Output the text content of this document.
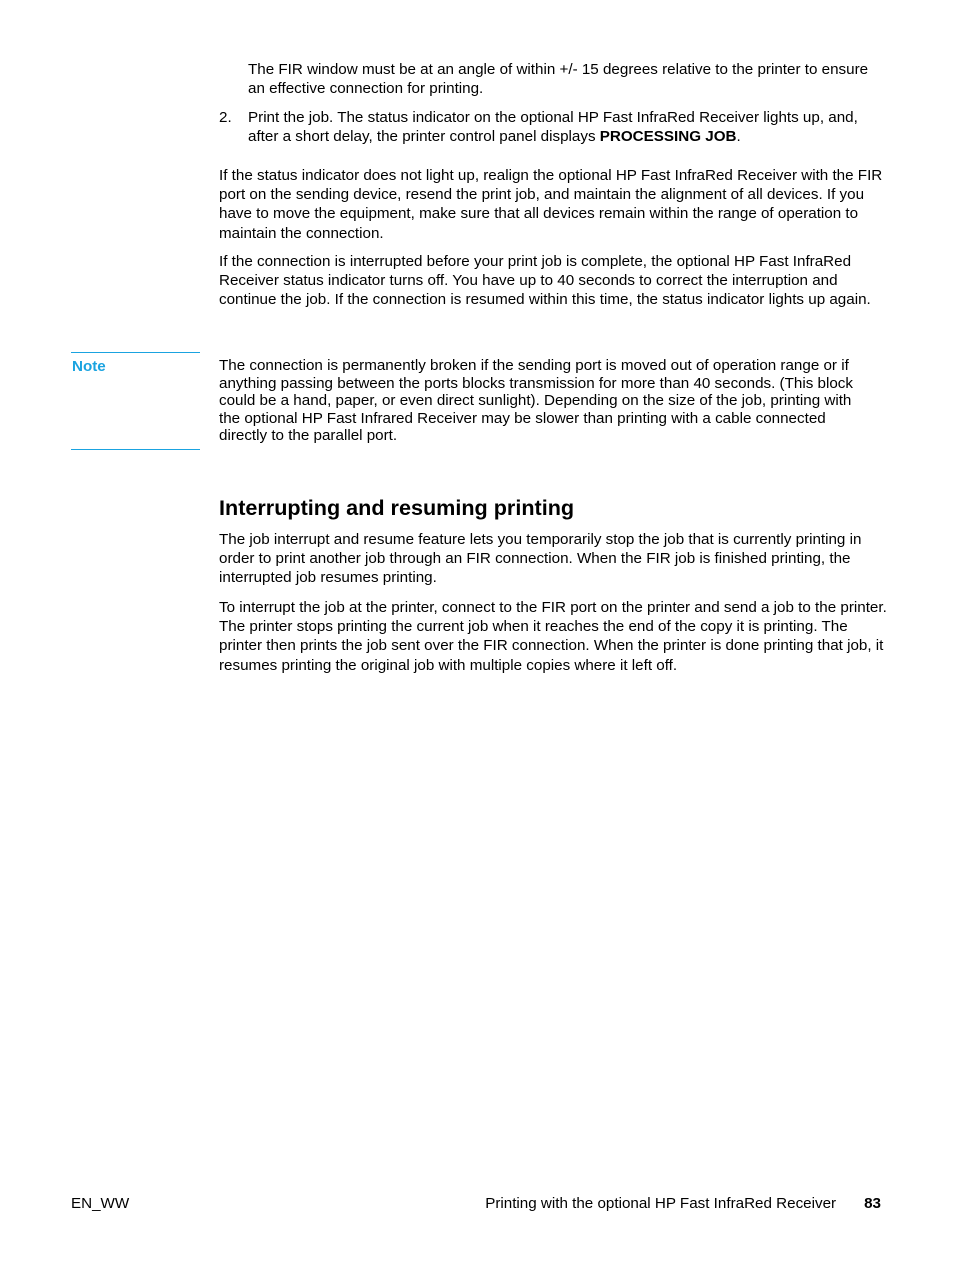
The FIR window must be at an angle of within +/- 15 degrees relative to the printer to ensure an effective connection for printing.

2. Print the job. The status indicator on the optional HP Fast InfraRed Receiver lights up, and, after a short delay, the printer control panel displays PROCESSING JOB.

If the status indicator does not light up, realign the optional HP Fast InfraRed Receiver with the FIR port on the sending device, resend the print job, and maintain the alignment of all devices. If you have to move the equipment, make sure that all devices remain within the range of operation to maintain the connection.

If the connection is interrupted before your print job is complete, the optional HP Fast InfraRed Receiver status indicator turns off. You have up to 40 seconds to correct the interruption and continue the job. If the connection is resumed within this time, the status indicator lights up again.

Note	The connection is permanently broken if the sending port is moved out of operation range or if anything passing between the ports blocks transmission for more than 40 seconds. (This block could be a hand, paper, or even direct sunlight). Depending on the size of the job, printing with the optional HP Fast Infrared Receiver may be slower than printing with a cable connected directly to the parallel port.

Interrupting and resuming printing

The job interrupt and resume feature lets you temporarily stop the job that is currently printing in order to print another job through an FIR connection. When the FIR job is finished printing, the interrupted job resumes printing.

To interrupt the job at the printer, connect to the FIR port on the printer and send a job to the printer. The printer stops printing the current job when it reaches the end of the copy it is printing. The printer then prints the job sent over the FIR connection. When the printer is done printing that job, it resumes printing the original job with multiple copies where it left off.

EN_WW	Printing with the optional HP Fast InfraRed Receiver 83
